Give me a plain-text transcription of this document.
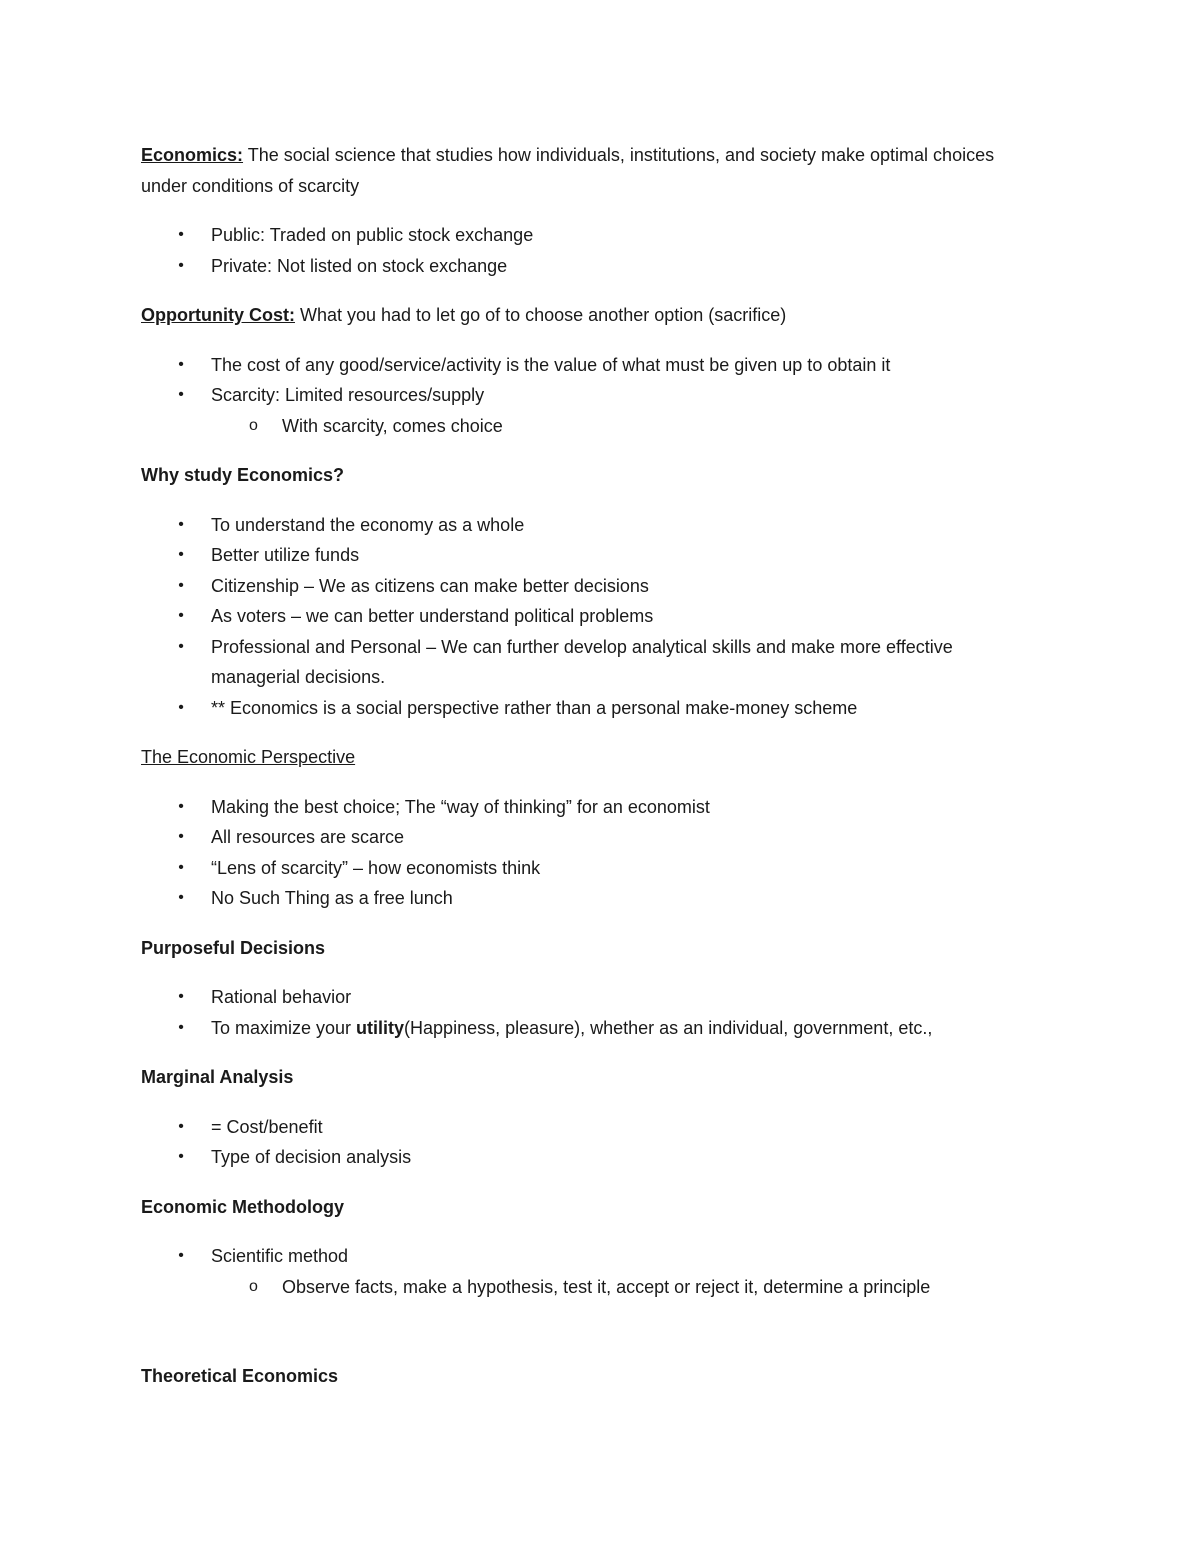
Economics: The social science that studies how individuals, institutions, and society make optimal choices under conditions of scarcity

• Public: Traded on public stock exchange
• Private: Not listed on stock exchange

Opportunity Cost: What you had to let go of to choose another option (sacrifice)

• The cost of any good/service/activity is the value of what must be given up to obtain it
• Scarcity: Limited resources/supply
o With scarcity, comes choice

Why study Economics?

• To understand the economy as a whole
• Better utilize funds
• Citizenship – We as citizens can make better decisions
• As voters – we can better understand political problems
• Professional and Personal – We can further develop analytical skills and make more effective managerial decisions.
• ** Economics is a social perspective rather than a personal make-money scheme

The Economic Perspective

• Making the best choice; The “way of thinking” for an economist
• All resources are scarce
• “Lens of scarcity” – how economists think
• No Such Thing as a free lunch

Purposeful Decisions

• Rational behavior
• To maximize your utility(Happiness, pleasure), whether as an individual, government, etc.,

Marginal Analysis

• = Cost/benefit
• Type of decision analysis

Economic Methodology

• Scientific method
o Observe facts, make a hypothesis, test it, accept or reject it, determine a principle

Theoretical Economics
